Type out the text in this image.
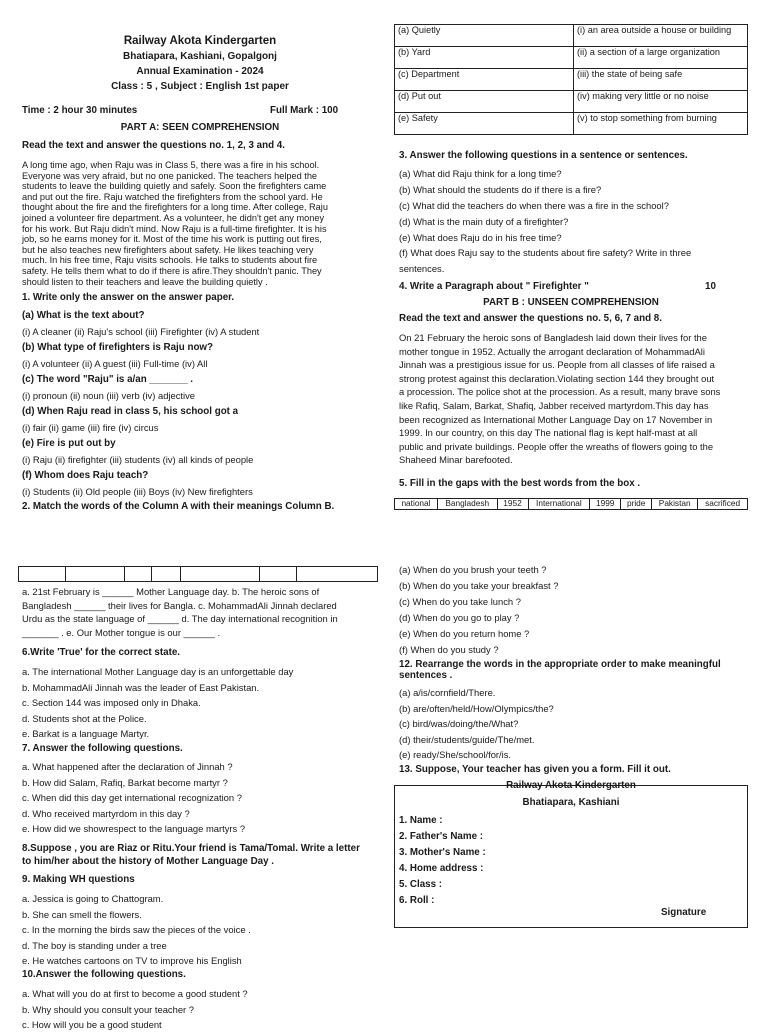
Railway Akota Kindergarten
Bhatiapara, Kashiani, Gopalgonj
Annual Examination - 2024
Class : 5 , Subject : English 1st paper
Time : 2 hour 30 minutes	Full Mark : 100
PART A: SEEN COMPREHENSION
Read the text and answer the questions no. 1, 2, 3 and 4.
A long time ago, when Raju was in Class 5, there was a fire in his school.
Everyone was very afraid, but no one panicked. The teachers helped the
students to leave the building quietly and safely. Soon the firefighters came
and put out the fire. Raju watched the firefighters from the school yard. He
thought about the fire and the firefighters for a long time. After college, Raju
joined a volunteer fire department. As a volunteer, he didn't get any money
for his work. But Raju didn't mind. Now Raju is a full-time firefighter. It is his
job, so he earns money for it. Most of the time his work is putting out fires,
but he also teaches new firefighters about safety. He likes teaching very
much. In his free time, Raju visits schools. He talks to students about fire
safety. He tells them what to do if there is afire.They shouldn't panic. They
should listen to their teachers and leave the building quietly .
1. Write only the answer on the answer paper.
(a) What is the text about?
(i) A cleaner (ii) Raju's school (iii) Firefighter (iv) A student
(b) What type of firefighters is Raju now?
(i) A volunteer (ii) A guest (iii) Full-time (iv) All
(c) The word "Raju" is a/an _______ .
(i) pronoun (ii) noun (iii) verb (iv) adjective
(d) When Raju read in class 5, his school got a
(i) fair (ii) game (iii) fire (iv) circus
(e) Fire is put out by
(i) Raju (ii) firefighter (iii) students (iv) all kinds of people
(f) Whom does Raju teach?
(i) Students (ii) Old people (iii) Boys (iv) New firefighters
2. Match the words of the Column A with their meanings Column B.
(a) Quietly	(i) an area outside a house or building
(b) Yard	(ii) a section of a large organization
(c) Department	(iii) the state of being safe
(d) Put out	(iv) making very little or no noise
(e) Safety	(v) to stop something from burning
3. Answer the following questions in a sentence or sentences.
(a) What did Raju think for a long time?
(b) What should the students do if there is a fire?
(c) What did the teachers do when there was a fire in the school?
(d) What is the main duty of a firefighter?
(e) What does Raju do in his free time?
(f) What does Raju say to the students about fire safety? Write in three
sentences.
4. Write a Paragraph about " Firefighter "	10
PART B : UNSEEN COMPREHENSION
Read the text and answer the questions no. 5, 6, 7 and 8.
On 21 February the heroic sons of Bangladesh laid down their lives for the
mother tongue in 1952. Actually the arrogant declaration of MohammadAli
Jinnah was a prestigious issue for us. People from all classes of life raised a
strong protest against this declaration.Violating section 144 they brought out
a procession. The police shot at the procession. As a result, many brave sons
like Rafiq, Salam, Barkat, Shafiq, Jabber received martyrdom.This day has
been recognized as International Mother Language Day on 17 November in
1999. In our country, on this day The national flag is kept half-mast at all
public and private buildings. People offer the wreaths of flowers going to the
Shaheed Minar barefooted.
5. Fill in the gaps with the best words from the box .
national	Bangladesh	1952	International	1999	pride	Pakistan	sacrificed

a. 21st February is ______ Mother Language day. b. The heroic sons of
Bangladesh ______ their lives for Bangla. c. MohammadAli Jinnah declared
Urdu as the state language of ______ d. The day international recognition in
_______ . e. Our Mother tongue is our ______ .
6.Write 'True' for the correct state.
a. The international Mother Language day is an unforgettable day
b. MohammadAli Jinnah was the leader of East Pakistan.
c. Section 144 was imposed only in Dhaka.
d. Students shot at the Police.
e. Barkat is a language Martyr.
7. Answer the following questions.
a. What happened after the declaration of Jinnah ?
b. How did Salam, Rafiq, Barkat become martyr ?
c. When did this day get international recognization ?
d. Who received martyrdom in this day ?
e. How did we showrespect to the language martyrs ?
8.Suppose , you are Riaz or Ritu.Your friend is Tama/Tomal. Write a letter
to him/her about the history of Mother Language Day .
9. Making WH questions
a. Jessica is going to Chattogram.
b. She can smell the flowers.
c. In the morning the birds saw the pieces of the voice .
d. The boy is standing under a tree
e. He watches cartoons on TV to improve his English
10.Answer the following questions.
a. What will you do at first to become a good student ?
b. Why should you consult your teacher ?
c. How will you be a good student
(a) When do you brush your teeth ?
(b) When do you take your breakfast ?
(c) When do you take lunch ?
(d) When do you go to play ?
(e) When do you return home ?
(f) When do you study ?
12. Rearrange the words in the appropriate order to make meaningful
sentences .
(a) a/is/cornfield/There.
(b) are/often/held/How/Olympics/the?
(c) bird/was/doing/the/What?
(d) their/students/guide/The/met.
(e) ready/She/school/for/is.
13. Suppose, Your teacher has given you a form. Fill it out.
Railway Akota Kindergarten
Bhatiapara, Kashiani
1. Name :
2. Father's Name :
3. Mother's Name :
4. Home address :
5. Class :
6. Roll :
Signature
